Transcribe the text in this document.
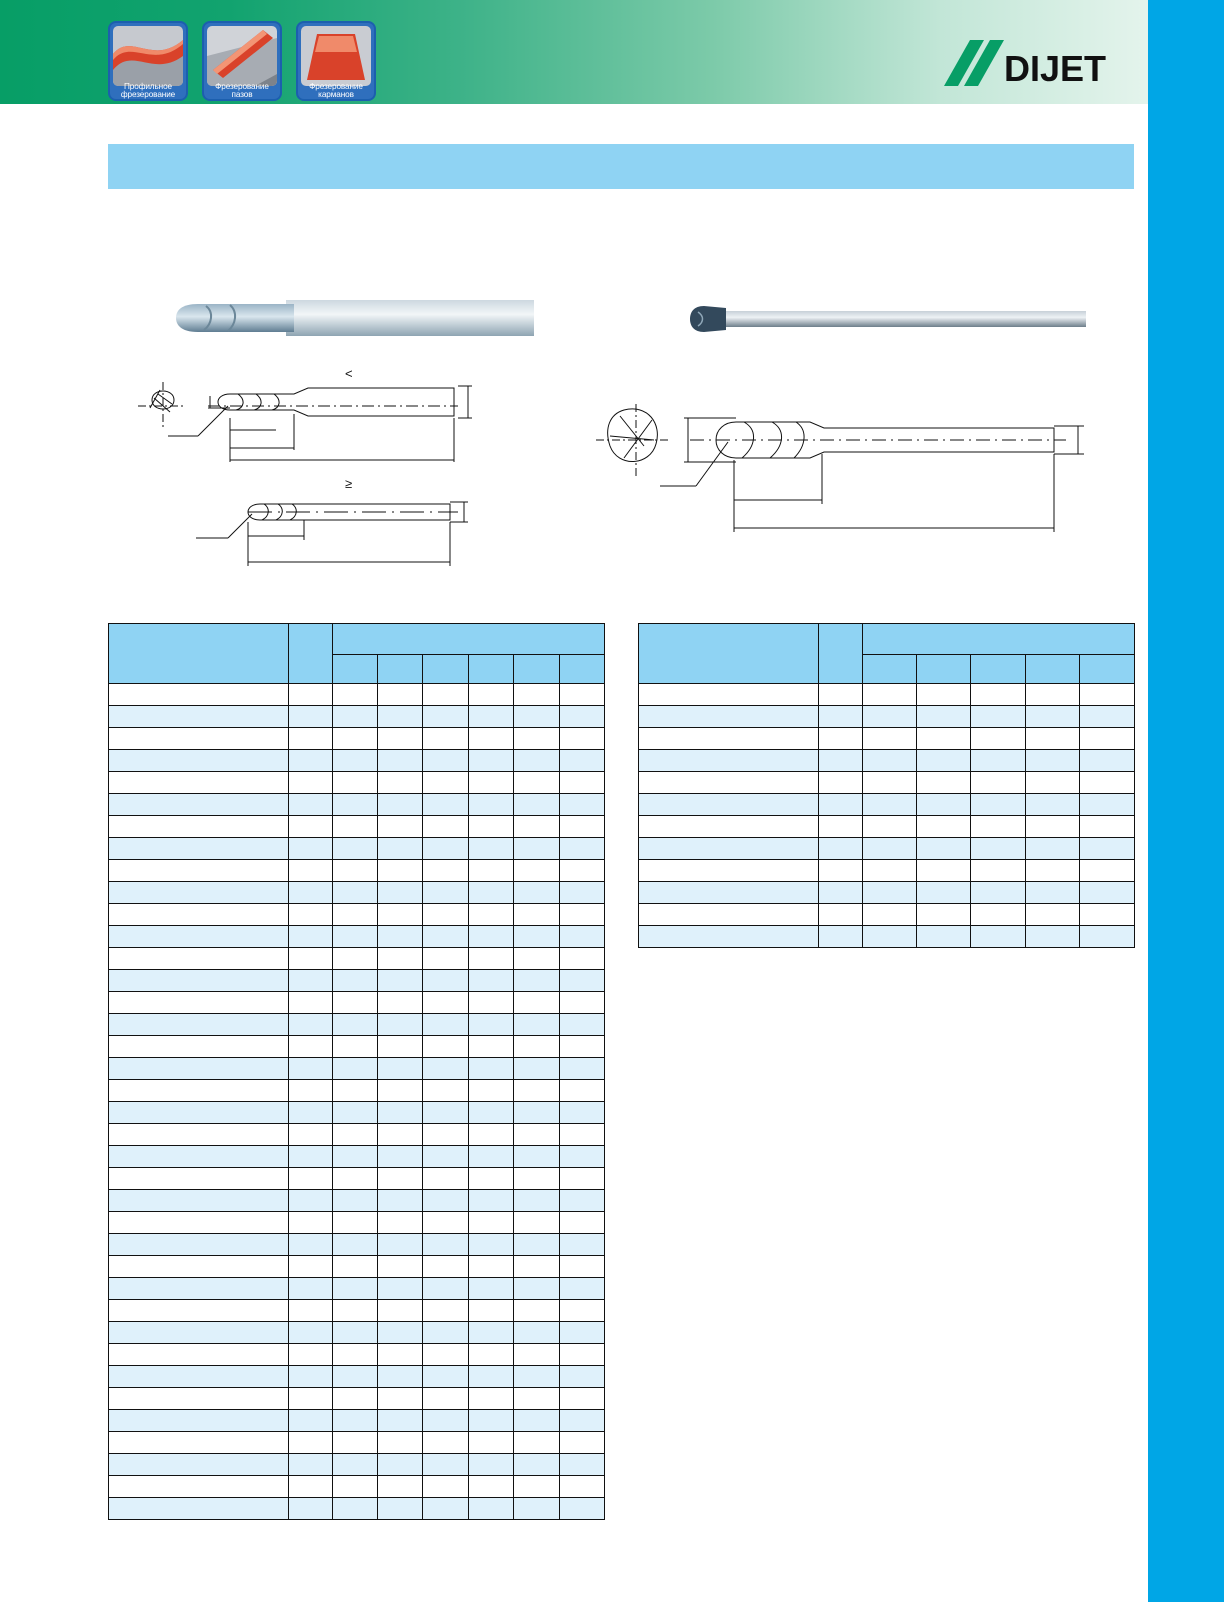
Профильное фрезерование
Фрезерование пазов
Фрезерование карманов
DIJET
<
≥
